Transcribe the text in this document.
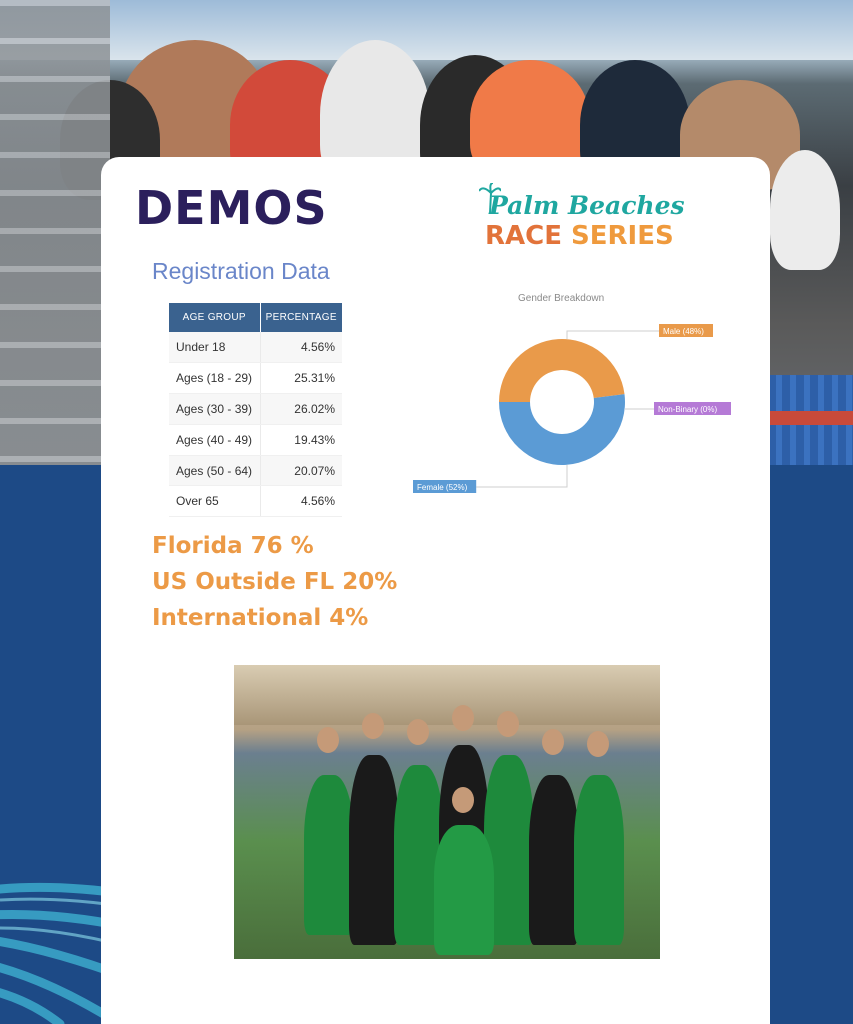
DEMOS	Palm Beaches
RACE SERIES
Registration Data
AGE GROUP	PERCENTAGE
Under 18	4.56%
Ages (18 - 29)	25.31%
Ages (30 - 39)	26.02%
Ages (40 - 49)	19.43%
Ages (50 - 64)	20.07%
Over 65	4.56%
Gender Breakdown
Male (48%)
Non-Binary (0%)
Female (52%)
Florida 76 %
US Outside FL 20%
International 4%
